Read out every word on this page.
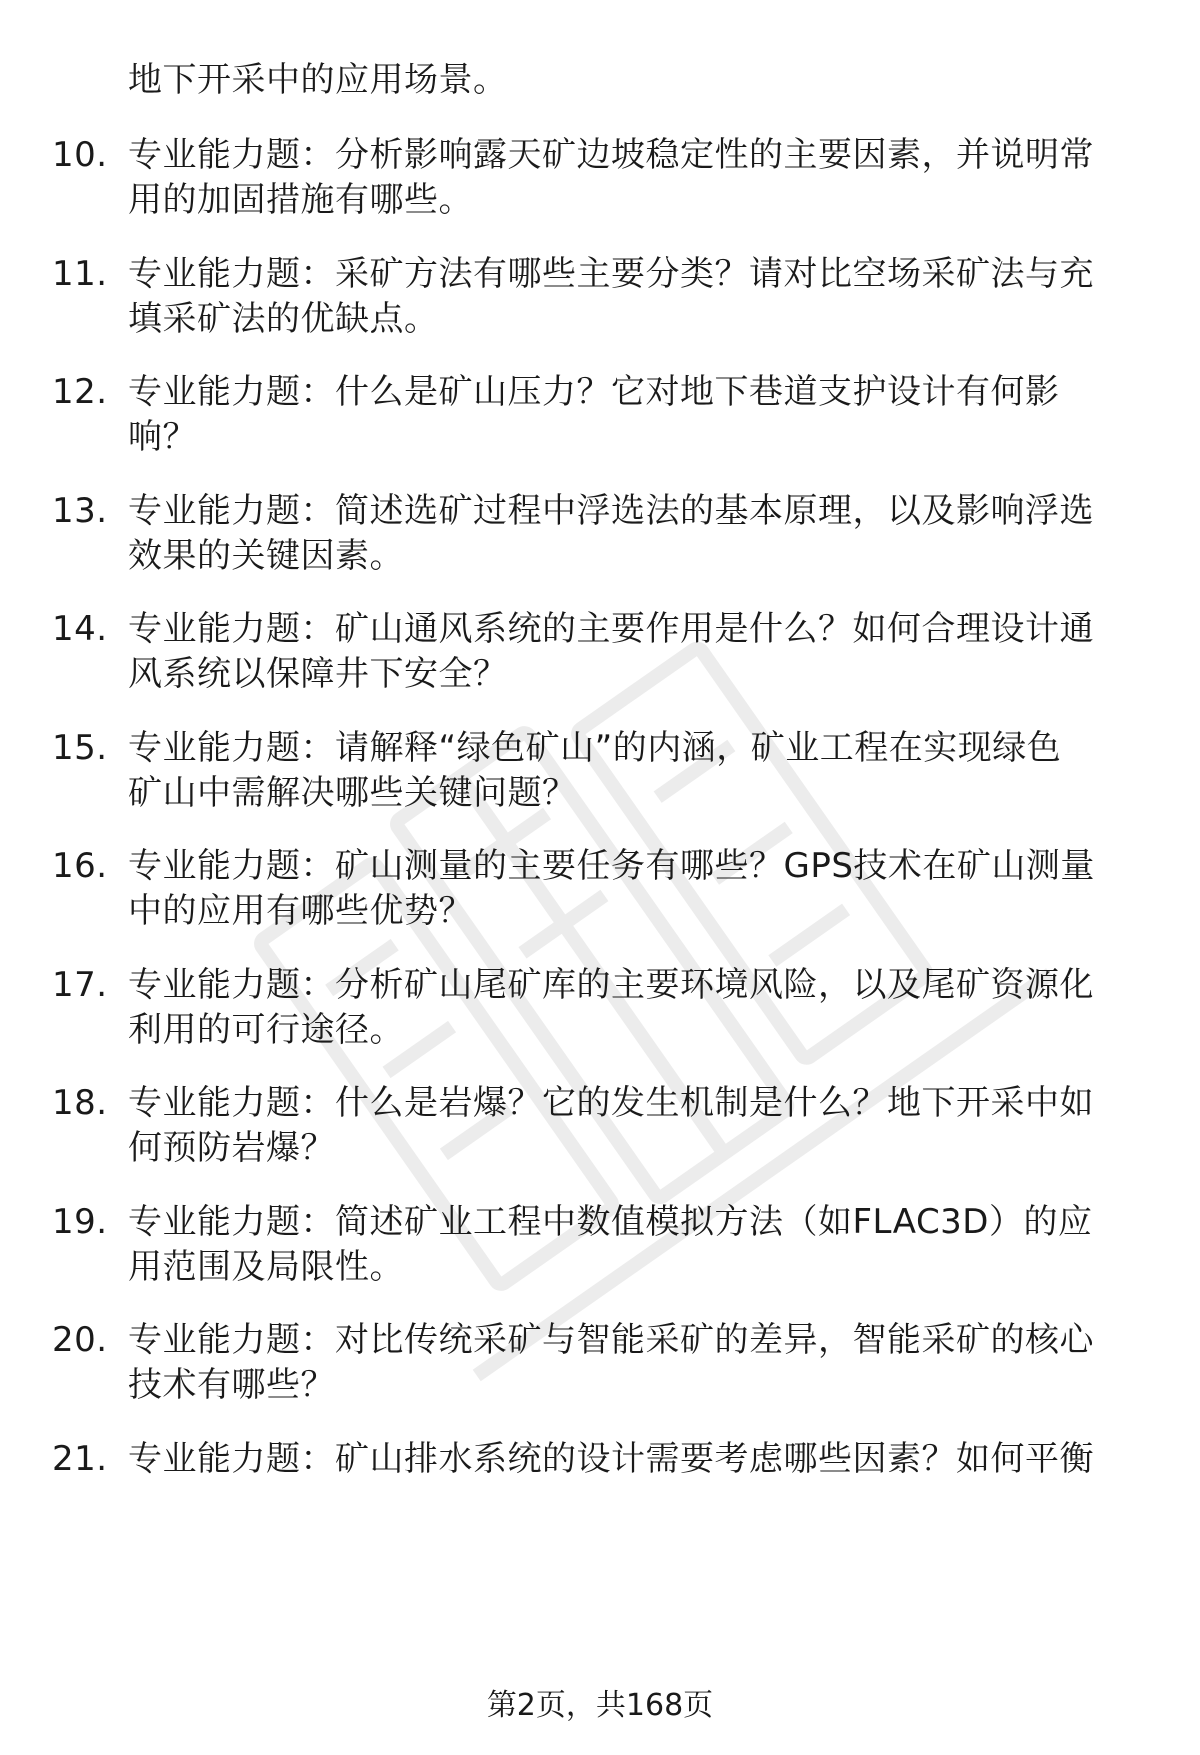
地下开采中的应用场景。
10. 专业能力题：分析影响露天矿边坡稳定性的主要因素，并说明常
用的加固措施有哪些。
11. 专业能力题：采矿方法有哪些主要分类？请对比空场采矿法与充
填采矿法的优缺点。
12. 专业能力题：什么是矿山压力？它对地下巷道支护设计有何影
响？
13. 专业能力题：简述选矿过程中浮选法的基本原理，以及影响浮选
效果的关键因素。
14. 专业能力题：矿山通风系统的主要作用是什么？如何合理设计通
风系统以保障井下安全？
15. 专业能力题：请解释“绿色矿山”的内涵，矿业工程在实现绿色
矿山中需解决哪些关键问题？
16. 专业能力题：矿山测量的主要任务有哪些？GPS技术在矿山测量
中的应用有哪些优势？
17. 专业能力题：分析矿山尾矿库的主要环境风险，以及尾矿资源化
利用的可行途径。
18. 专业能力题：什么是岩爆？它的发生机制是什么？地下开采中如
何预防岩爆？
19. 专业能力题：简述矿业工程中数值模拟方法（如FLAC3D）的应
用范围及局限性。
20. 专业能力题：对比传统采矿与智能采矿的差异，智能采矿的核心
技术有哪些？
21. 专业能力题：矿山排水系统的设计需要考虑哪些因素？如何平衡
第2页，共168页
